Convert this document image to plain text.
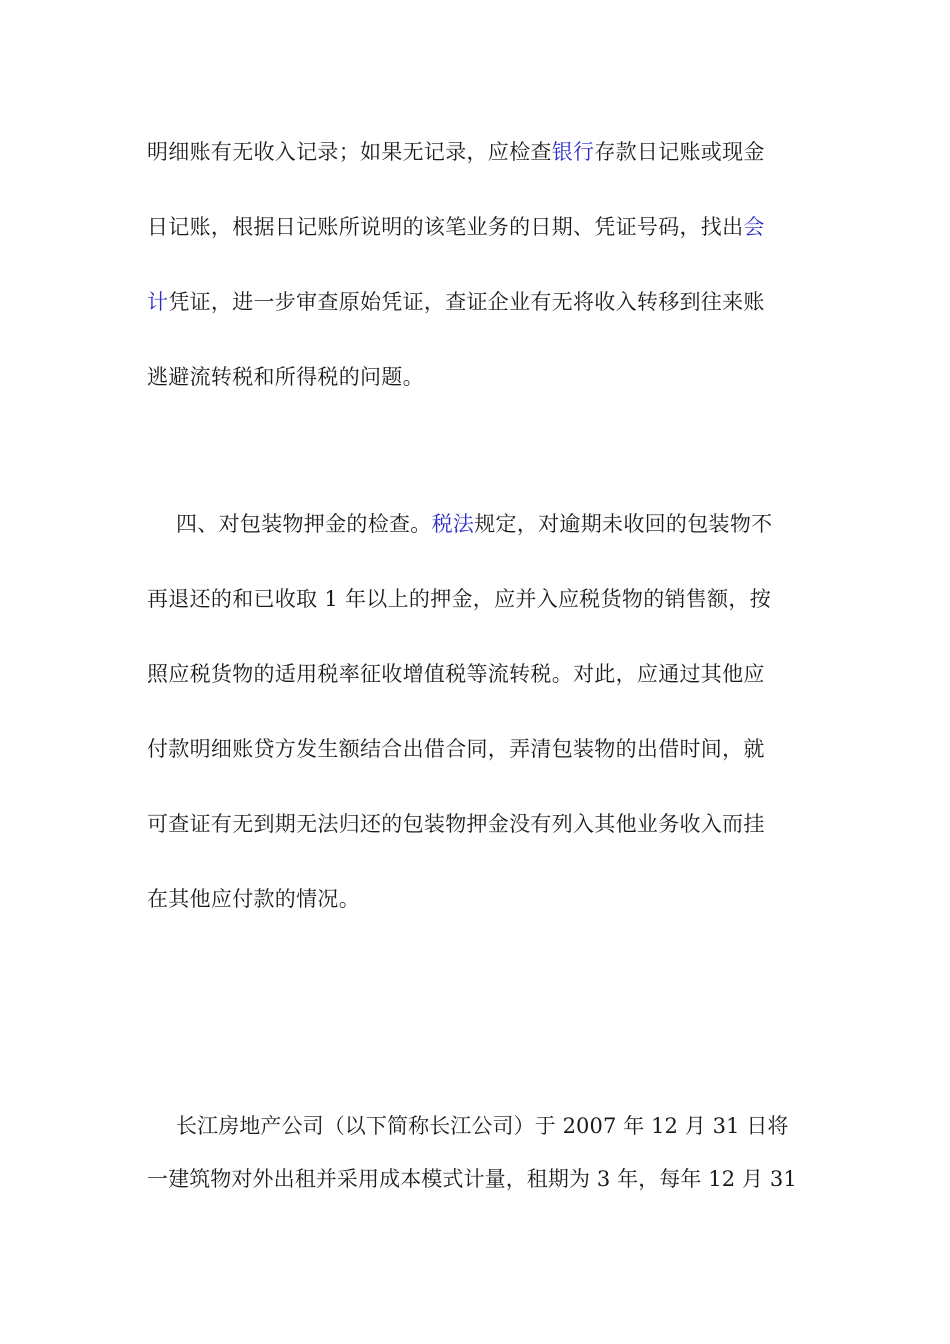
明细账有无收入记录；如果无记录，应检查银行存款日记账或现金
日记账，根据日记账所说明的该笔业务的日期、凭证号码，找出会
计凭证，进一步审查原始凭证，查证企业有无将收入转移到往来账
逃避流转税和所得税的问题。
四、对包装物押金的检查。税法规定，对逾期未收回的包装物不
再退还的和已收取 1 年以上的押金，应并入应税货物的销售额，按
照应税货物的适用税率征收增值税等流转税。对此，应通过其他应
付款明细账贷方发生额结合出借合同，弄清包装物的出借时间，就
可查证有无到期无法归还的包装物押金没有列入其他业务收入而挂
在其他应付款的情况。
长江房地产公司（以下简称长江公司）于 2007 年 12 月 31 日将
一建筑物对外出租并采用成本模式计量，租期为 3 年，每年 12 月 31
